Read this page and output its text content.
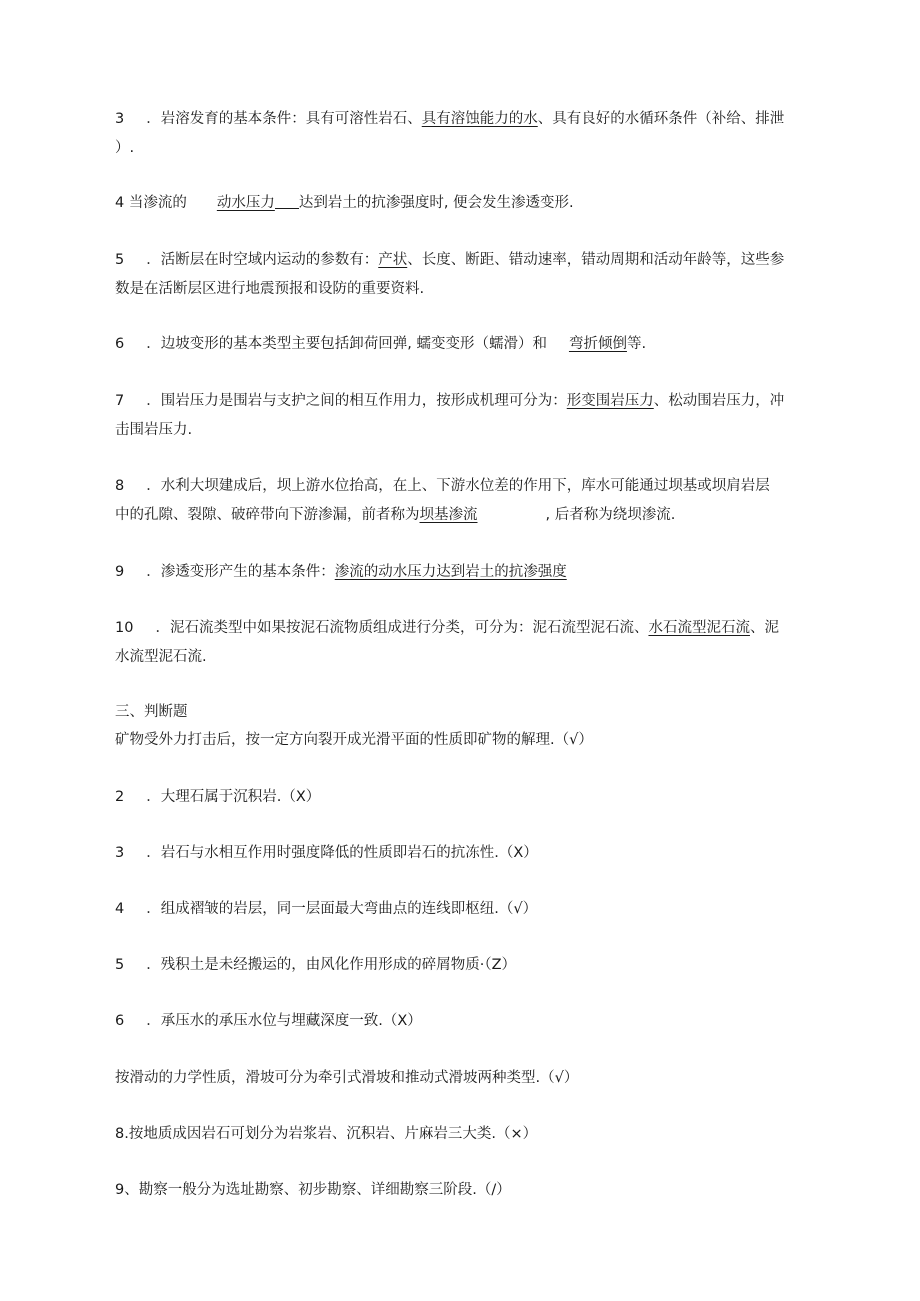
3 ．岩溶发育的基本条件：具有可溶性岩石、具有溶蚀能力的水、具有良好的水循环条件（补给、排泄
）.
4 当渗流的 动水压力 达到岩土的抗渗强度时, 便会发生渗透变形.
5 ．活断层在时空域内运动的参数有：产状、长度、断距、错动速率，错动周期和活动年龄等，这些参
数是在活断层区进行地震预报和设防的重要资料.
6 ．边坡变形的基本类型主要包括卸荷回弹, 蠕变变形（蠕滑）和 弯折倾倒等.
7 ．围岩压力是围岩与支护之间的相互作用力，按形成机理可分为：形变围岩压力、松动围岩压力，冲
击围岩压力.
8 ．水利大坝建成后，坝上游水位抬高，在上、下游水位差的作用下，库水可能通过坝基或坝肩岩层
中的孔隙、裂隙、破碎带向下游渗漏，前者称为坝基渗流	, 后者称为绕坝渗流.
9 ．渗透变形产生的基本条件：渗流的动水压力达到岩土的抗渗强度
10 ．泥石流类型中如果按泥石流物质组成进行分类，可分为：泥石流型泥石流、水石流型泥石流、泥
水流型泥石流.
三、判断题
矿物受外力打击后，按一定方向裂开成光滑平面的性质即矿物的解理.（√）
2 ．大理石属于沉积岩.（X）
3 ．岩石与水相互作用时强度降低的性质即岩石的抗冻性.（X）
4 ．组成褶皱的岩层，同一层面最大弯曲点的连线即枢纽.（√）
5 ．残积土是未经搬运的，由风化作用形成的碎屑物质·（Z）
6 ．承压水的承压水位与埋藏深度一致.（X）
按滑动的力学性质，滑坡可分为牵引式滑坡和推动式滑坡两种类型.（√）
8.按地质成因岩石可划分为岩浆岩、沉积岩、片麻岩三大类.（×）
9、勘察一般分为选址勘察、初步勘察、详细勘察三阶段.（/）
